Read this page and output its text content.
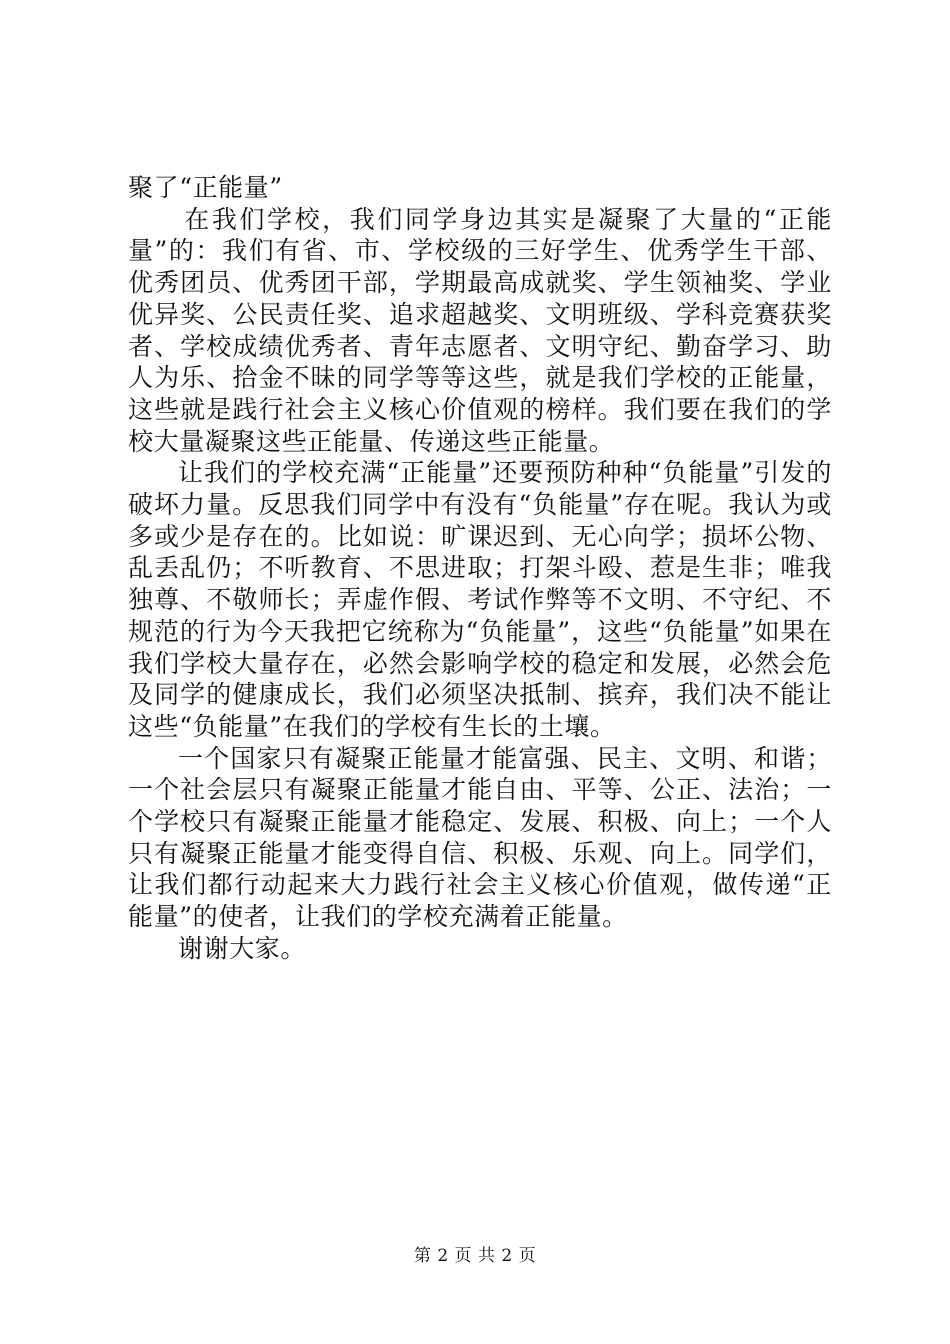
聚了“正能量”

在我们学校，我们同学身边其实是凝聚了大量的“正能量”的：我们有省、市、学校级的三好学生、优秀学生干部、优秀团员、优秀团干部，学期最高成就奖、学生领袖奖、学业优异奖、公民责任奖、追求超越奖、文明班级、学科竞赛获奖者、学校成绩优秀者、青年志愿者、文明守纪、勤奋学习、助人为乐、拾金不昧的同学等等这些，就是我们学校的正能量，这些就是践行社会主义核心价值观的榜样。我们要在我们的学校大量凝聚这些正能量、传递这些正能量。

让我们的学校充满“正能量”还要预防种种“负能量”引发的破坏力量。反思我们同学中有没有“负能量”存在呢。我认为或多或少是存在的。比如说：旷课迟到、无心向学；损坏公物、乱丢乱仍；不听教育、不思进取；打架斗殴、惹是生非；唯我独尊、不敬师长；弄虚作假、考试作弊等不文明、不守纪、不规范的行为今天我把它统称为“负能量”，这些“负能量”如果在我们学校大量存在，必然会影响学校的稳定和发展，必然会危及同学的健康成长，我们必须坚决抵制、摈弃，我们决不能让这些“负能量”在我们的学校有生长的土壤。

一个国家只有凝聚正能量才能富强、民主、文明、和谐；一个社会层只有凝聚正能量才能自由、平等、公正、法治；一个学校只有凝聚正能量才能稳定、发展、积极、向上；一个人只有凝聚正能量才能变得自信、积极、乐观、向上。同学们，让我们都行动起来大力践行社会主义核心价值观，做传递“正能量”的使者，让我们的学校充满着正能量。

谢谢大家。

第 2 页 共 2 页
